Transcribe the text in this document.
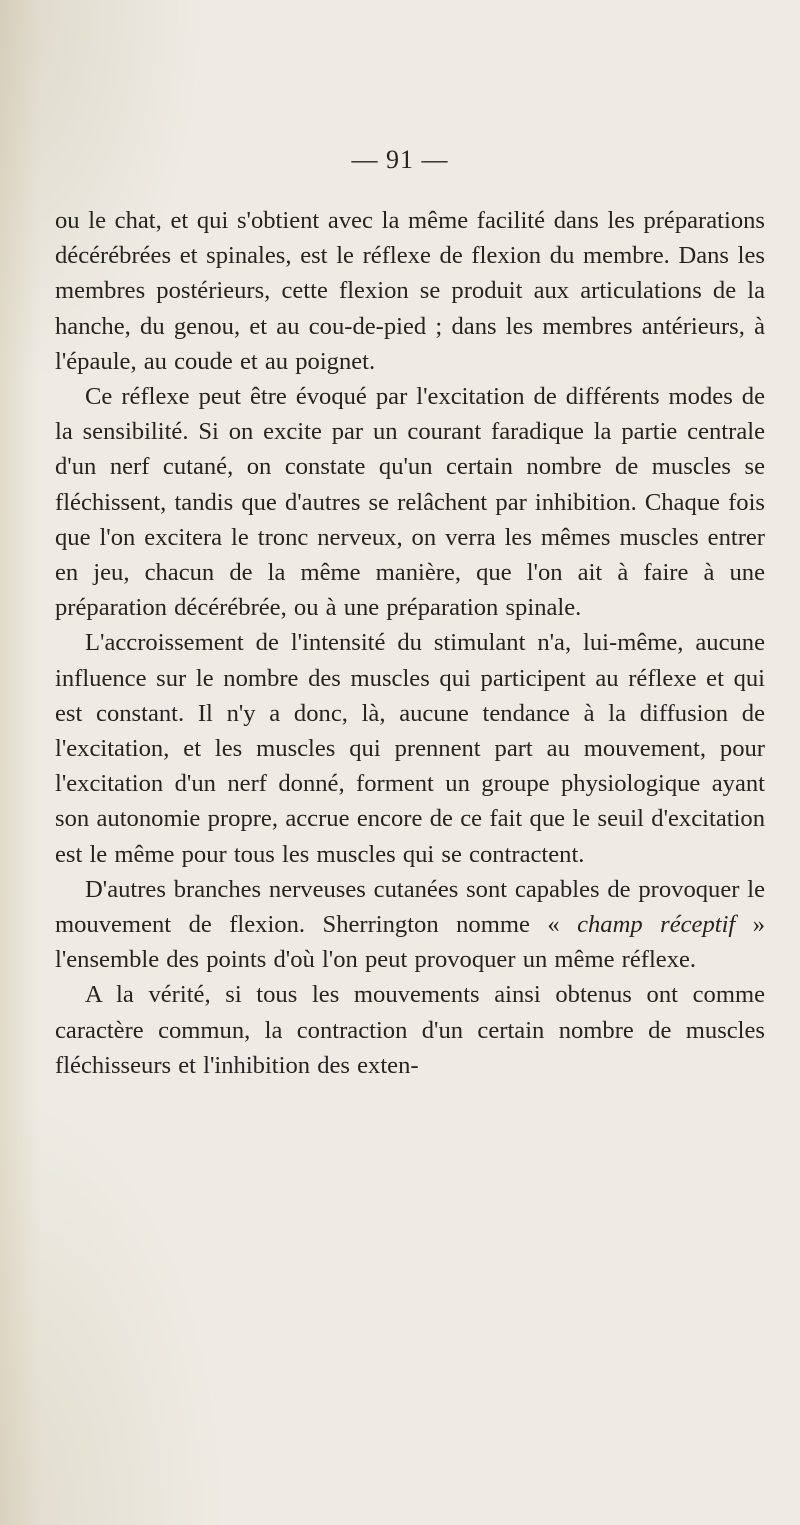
— 91 —

ou le chat, et qui s'obtient avec la même facilité dans les préparations décérébrées et spinales, est le réflexe de flexion du membre. Dans les membres postérieurs, cette flexion se produit aux articulations de la hanche, du genou, et au cou-de-pied ; dans les membres antérieurs, à l'épaule, au coude et au poignet.

Ce réflexe peut être évoqué par l'excitation de différents modes de la sensibilité. Si on excite par un courant faradique la partie centrale d'un nerf cutané, on constate qu'un certain nombre de muscles se fléchissent, tandis que d'autres se relâchent par inhibition. Chaque fois que l'on excitera le tronc nerveux, on verra les mêmes muscles entrer en jeu, chacun de la même manière, que l'on ait à faire à une préparation décérébrée, ou à une préparation spinale.

L'accroissement de l'intensité du stimulant n'a, lui-même, aucune influence sur le nombre des muscles qui participent au réflexe et qui est constant. Il n'y a donc, là, aucune tendance à la diffusion de l'excitation, et les muscles qui prennent part au mouvement, pour l'excitation d'un nerf donné, forment un groupe physiologique ayant son autonomie propre, accrue encore de ce fait que le seuil d'excitation est le même pour tous les muscles qui se contractent.

D'autres branches nerveuses cutanées sont capables de provoquer le mouvement de flexion. Sherrington nomme « champ réceptif » l'ensemble des points d'où l'on peut provoquer un même réflexe.

A la vérité, si tous les mouvements ainsi obtenus ont comme caractère commun, la contraction d'un certain nombre de muscles fléchisseurs et l'inhibition des exten-
